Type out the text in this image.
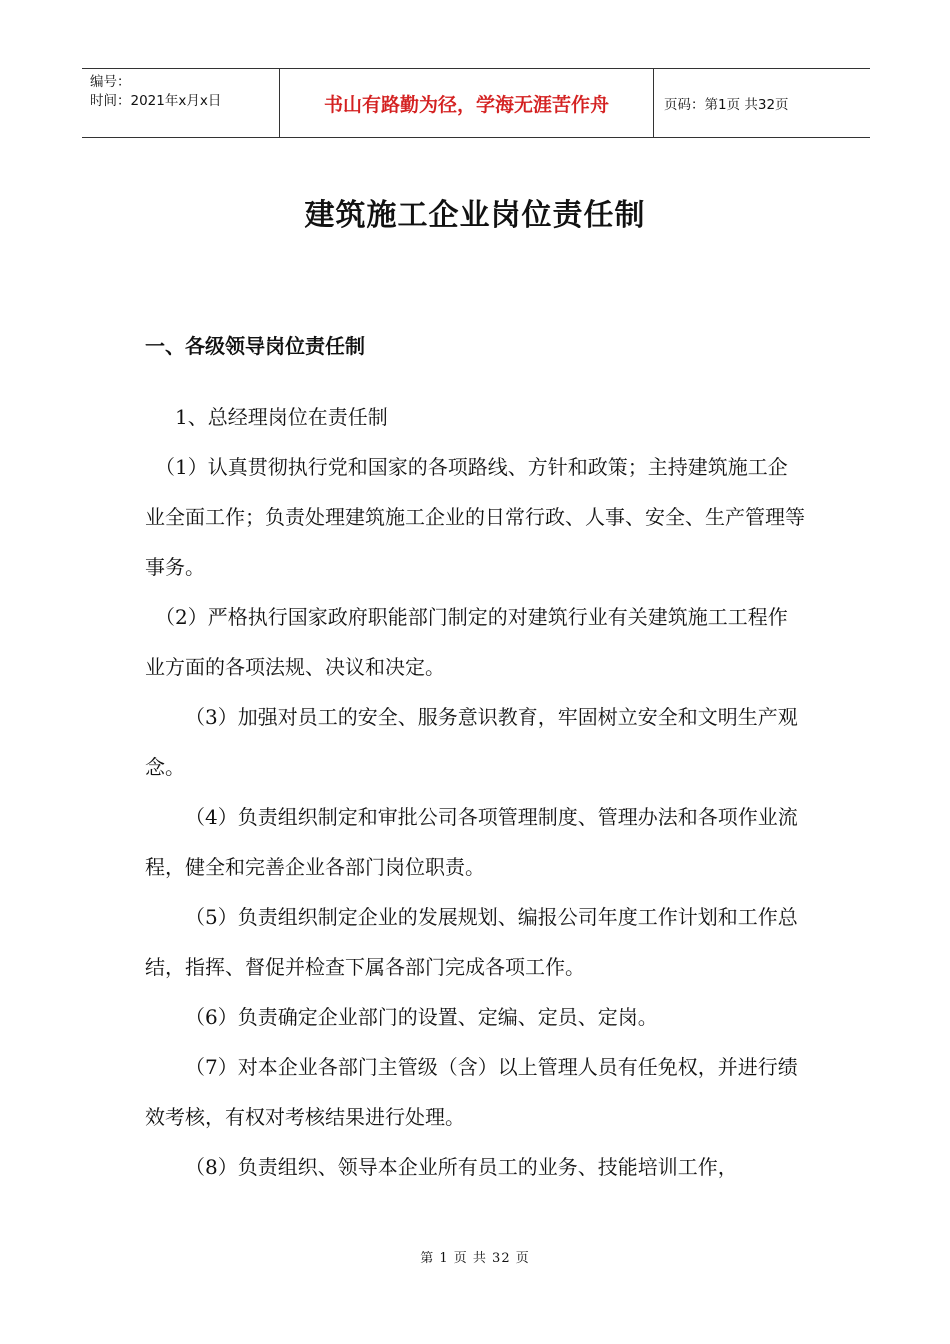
编号：
时间：2021年x月x日	书山有路勤为径，学海无涯苦作舟	页码：第1页 共32页
建筑施工企业岗位责任制
一、各级领导岗位责任制

1、总经理岗位在责任制

（1）认真贯彻执行党和国家的各项路线、方针和政策；主持建筑施工企业全面工作；负责处理建筑施工企业的日常行政、人事、安全、生产管理等事务。

（2）严格执行国家政府职能部门制定的对建筑行业有关建筑施工工程作业方面的各项法规、决议和决定。

（3）加强对员工的安全、服务意识教育，牢固树立安全和文明生产观念。

（4）负责组织制定和审批公司各项管理制度、管理办法和各项作业流程，健全和完善企业各部门岗位职责。

（5）负责组织制定企业的发展规划、编报公司年度工作计划和工作总结，指挥、督促并检查下属各部门完成各项工作。

（6）负责确定企业部门的设置、定编、定员、定岗。

（7）对本企业各部门主管级（含）以上管理人员有任免权，并进行绩效考核，有权对考核结果进行处理。

（8）负责组织、领导本企业所有员工的业务、技能培训工作，

第 1 页 共 32 页
